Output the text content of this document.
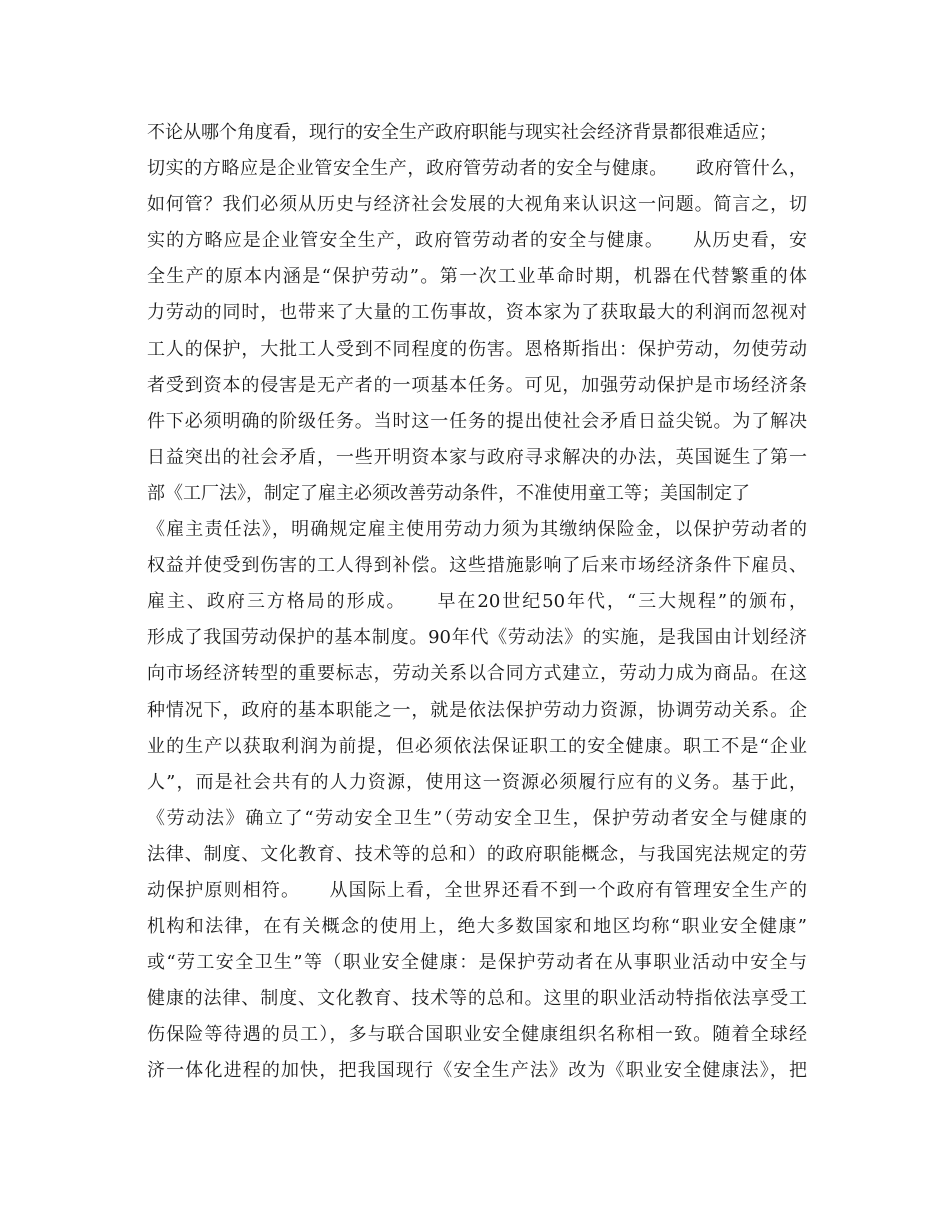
不论从哪个角度看，现行的安全生产政府职能与现实社会经济背景都很难适应；
切实的方略应是企业管安全生产，政府管劳动者的安全与健康。　　政府管什么，
如何管？我们必须从历史与经济社会发展的大视角来认识这一问题。简言之，切
实的方略应是企业管安全生产，政府管劳动者的安全与健康。　　从历史看，安
全生产的原本内涵是“保护劳动”。第一次工业革命时期，机器在代替繁重的体
力劳动的同时，也带来了大量的工伤事故，资本家为了获取最大的利润而忽视对
工人的保护，大批工人受到不同程度的伤害。恩格斯指出：保护劳动，勿使劳动
者受到资本的侵害是无产者的一项基本任务。可见，加强劳动保护是市场经济条
件下必须明确的阶级任务。当时这一任务的提出使社会矛盾日益尖锐。为了解决
日益突出的社会矛盾，一些开明资本家与政府寻求解决的办法，英国诞生了第一
部《工厂法》，制定了雇主必须改善劳动条件，不准使用童工等；美国制定了
《雇主责任法》，明确规定雇主使用劳动力须为其缴纳保险金，以保护劳动者的
权益并使受到伤害的工人得到补偿。这些措施影响了后来市场经济条件下雇员、
雇主、政府三方格局的形成。　　早在20世纪50年代，“三大规程”的颁布，
形成了我国劳动保护的基本制度。90年代《劳动法》的实施，是我国由计划经济
向市场经济转型的重要标志，劳动关系以合同方式建立，劳动力成为商品。在这
种情况下，政府的基本职能之一，就是依法保护劳动力资源，协调劳动关系。企
业的生产以获取利润为前提，但必须依法保证职工的安全健康。职工不是“企业
人”，而是社会共有的人力资源，使用这一资源必须履行应有的义务。基于此，
《劳动法》确立了“劳动安全卫生”（劳动安全卫生，保护劳动者安全与健康的
法律、制度、文化教育、技术等的总和）的政府职能概念，与我国宪法规定的劳
动保护原则相符。　　从国际上看，全世界还看不到一个政府有管理安全生产的
机构和法律，在有关概念的使用上，绝大多数国家和地区均称“职业安全健康”
或“劳工安全卫生”等（职业安全健康：是保护劳动者在从事职业活动中安全与
健康的法律、制度、文化教育、技术等的总和。这里的职业活动特指依法享受工
伤保险等待遇的员工），多与联合国职业安全健康组织名称相一致。随着全球经
济一体化进程的加快，把我国现行《安全生产法》改为《职业安全健康法》，把
